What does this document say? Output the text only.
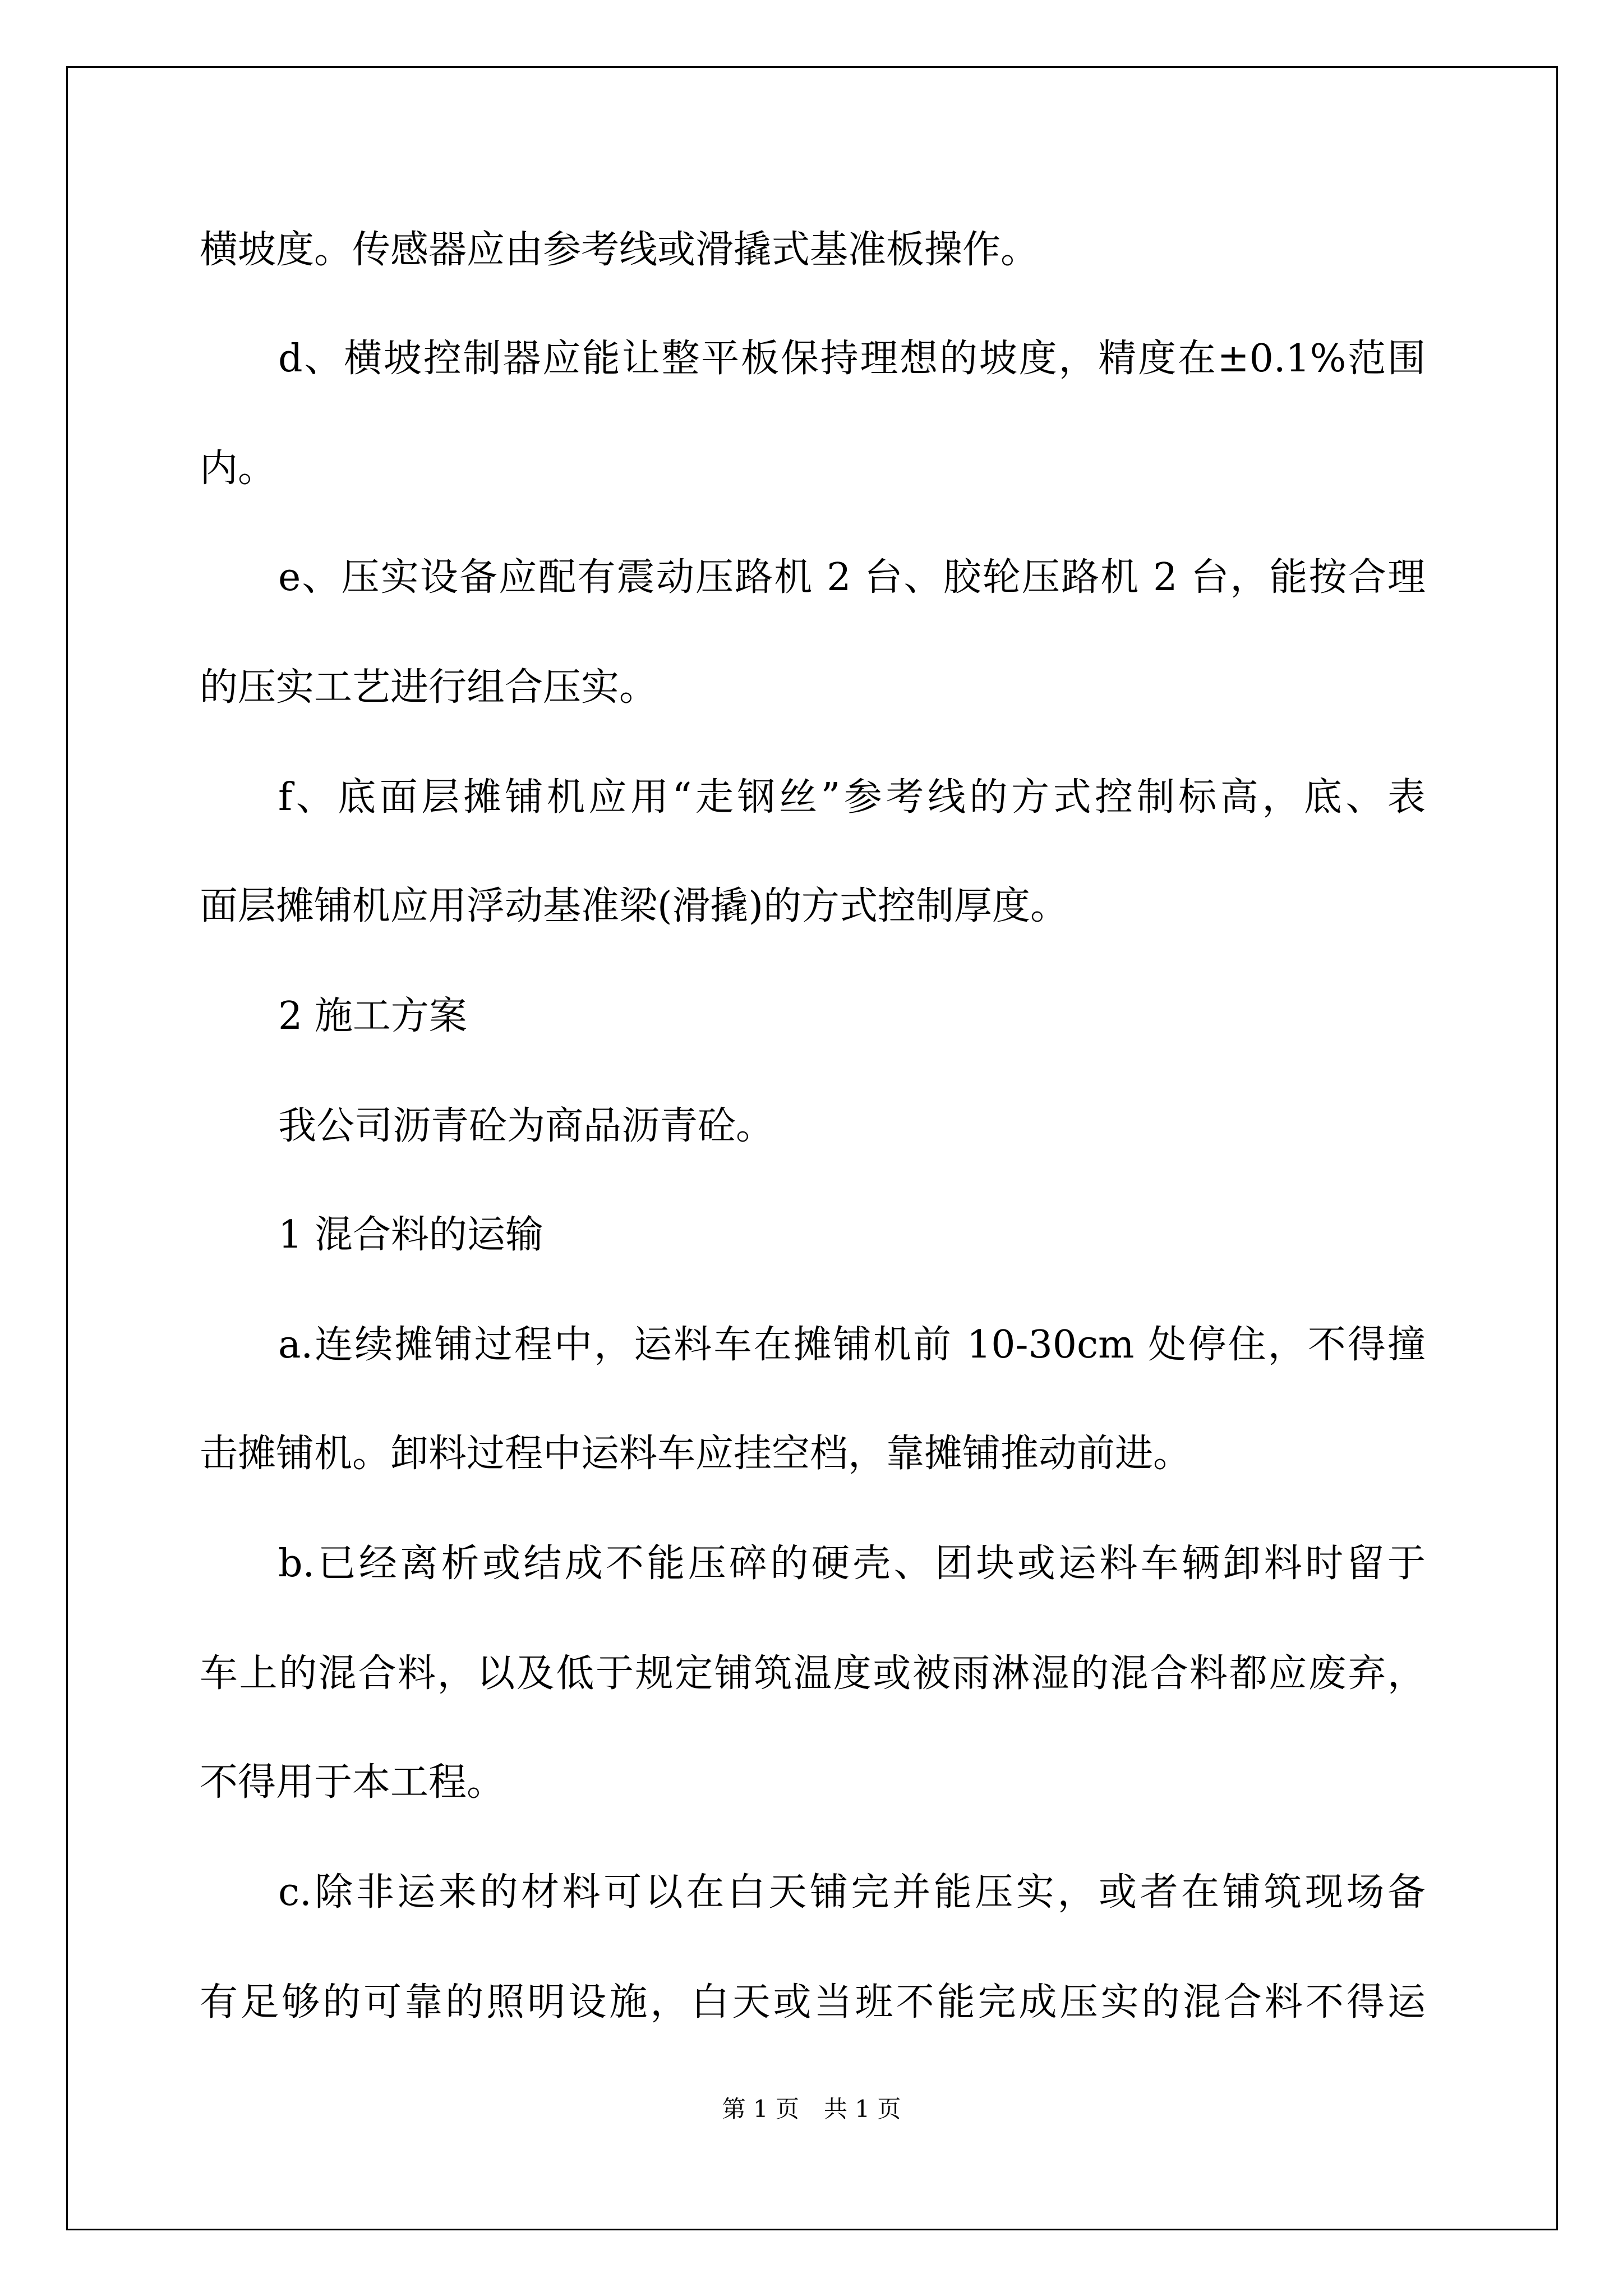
横坡度。传感器应由参考线或滑撬式基准板操作。
d、横坡控制器应能让整平板保持理想的坡度，精度在±0.1%范围
内。
e、压实设备应配有震动压路机 2 台、胶轮压路机 2 台，能按合理
的压实工艺进行组合压实。
f、底面层摊铺机应用“走钢丝”参考线的方式控制标高，底、表
面层摊铺机应用浮动基准梁(滑撬)的方式控制厚度。
2 施工方案
我公司沥青砼为商品沥青砼。
1 混合料的运输
a.连续摊铺过程中，运料车在摊铺机前 10-30cm 处停住，不得撞
击摊铺机。卸料过程中运料车应挂空档，靠摊铺推动前进。
b.已经离析或结成不能压碎的硬壳、团块或运料车辆卸料时留于
车上的混合料，以及低于规定铺筑温度或被雨淋湿的混合料都应废弃，
不得用于本工程。
c.除非运来的材料可以在白天铺完并能压实，或者在铺筑现场备
有足够的可靠的照明设施，白天或当班不能完成压实的混合料不得运
第 1 页 共 1 页
